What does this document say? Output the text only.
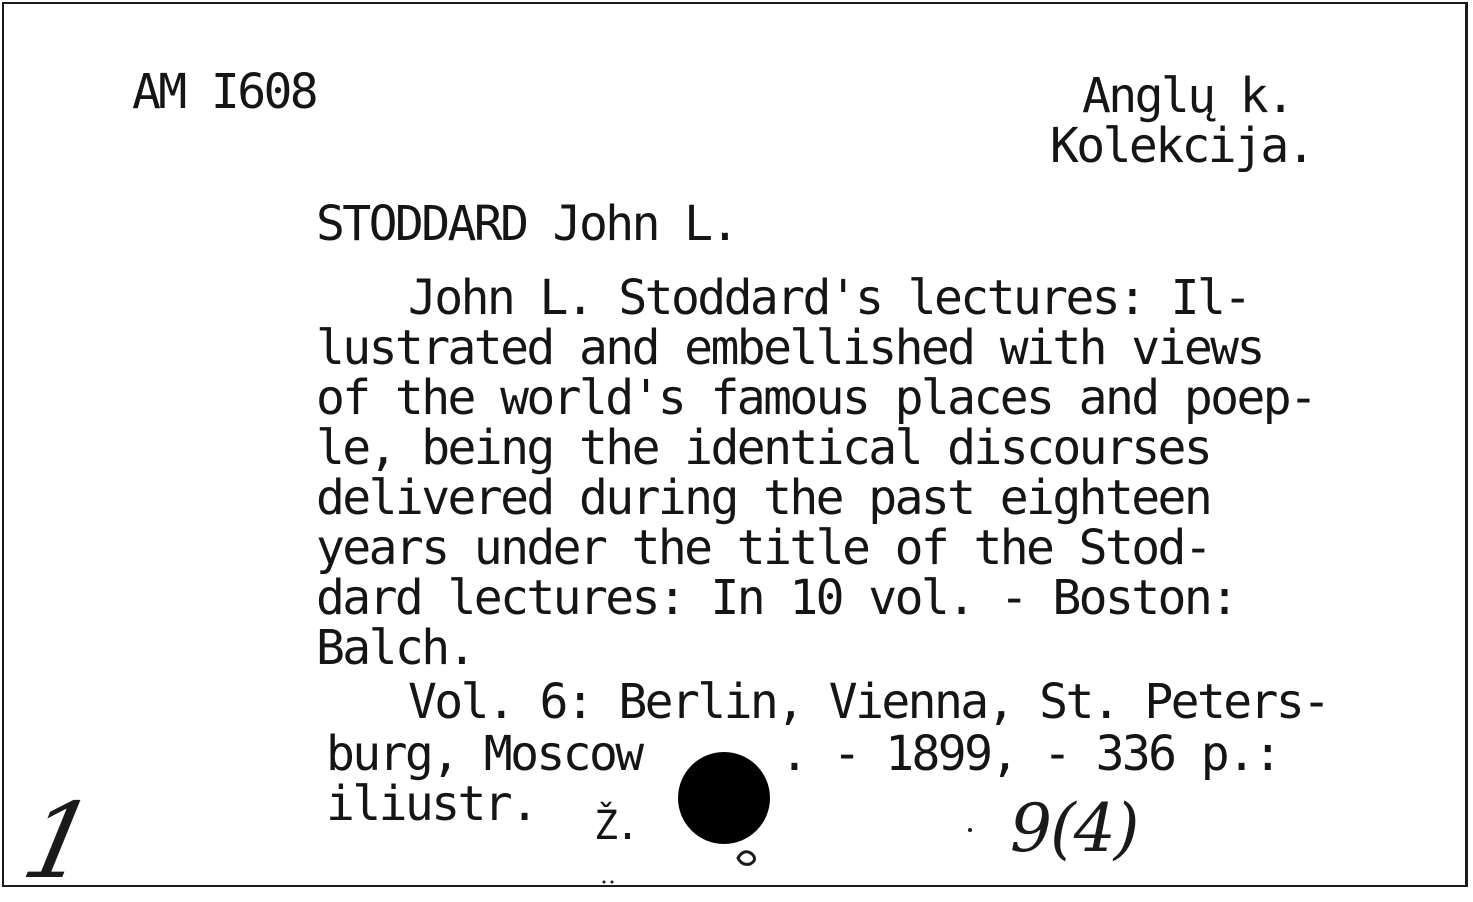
AM I608	Anglų k.
Kolekcija.
STODDARD John L.
John L. Stoddard's lectures: Il-
lustrated and embellished with views
of the world's famous places and poep-
le, being the identical discourses
delivered during the past eighteen
years under the title of the Stod-
dard lectures: In 10 vol. - Boston:
Balch.
Vol. 6: Berlin, Vienna, St. Peters-
burg, Moscow	. - 1899, - 336 p.:
iliustr. Ž.
1	9(4)
